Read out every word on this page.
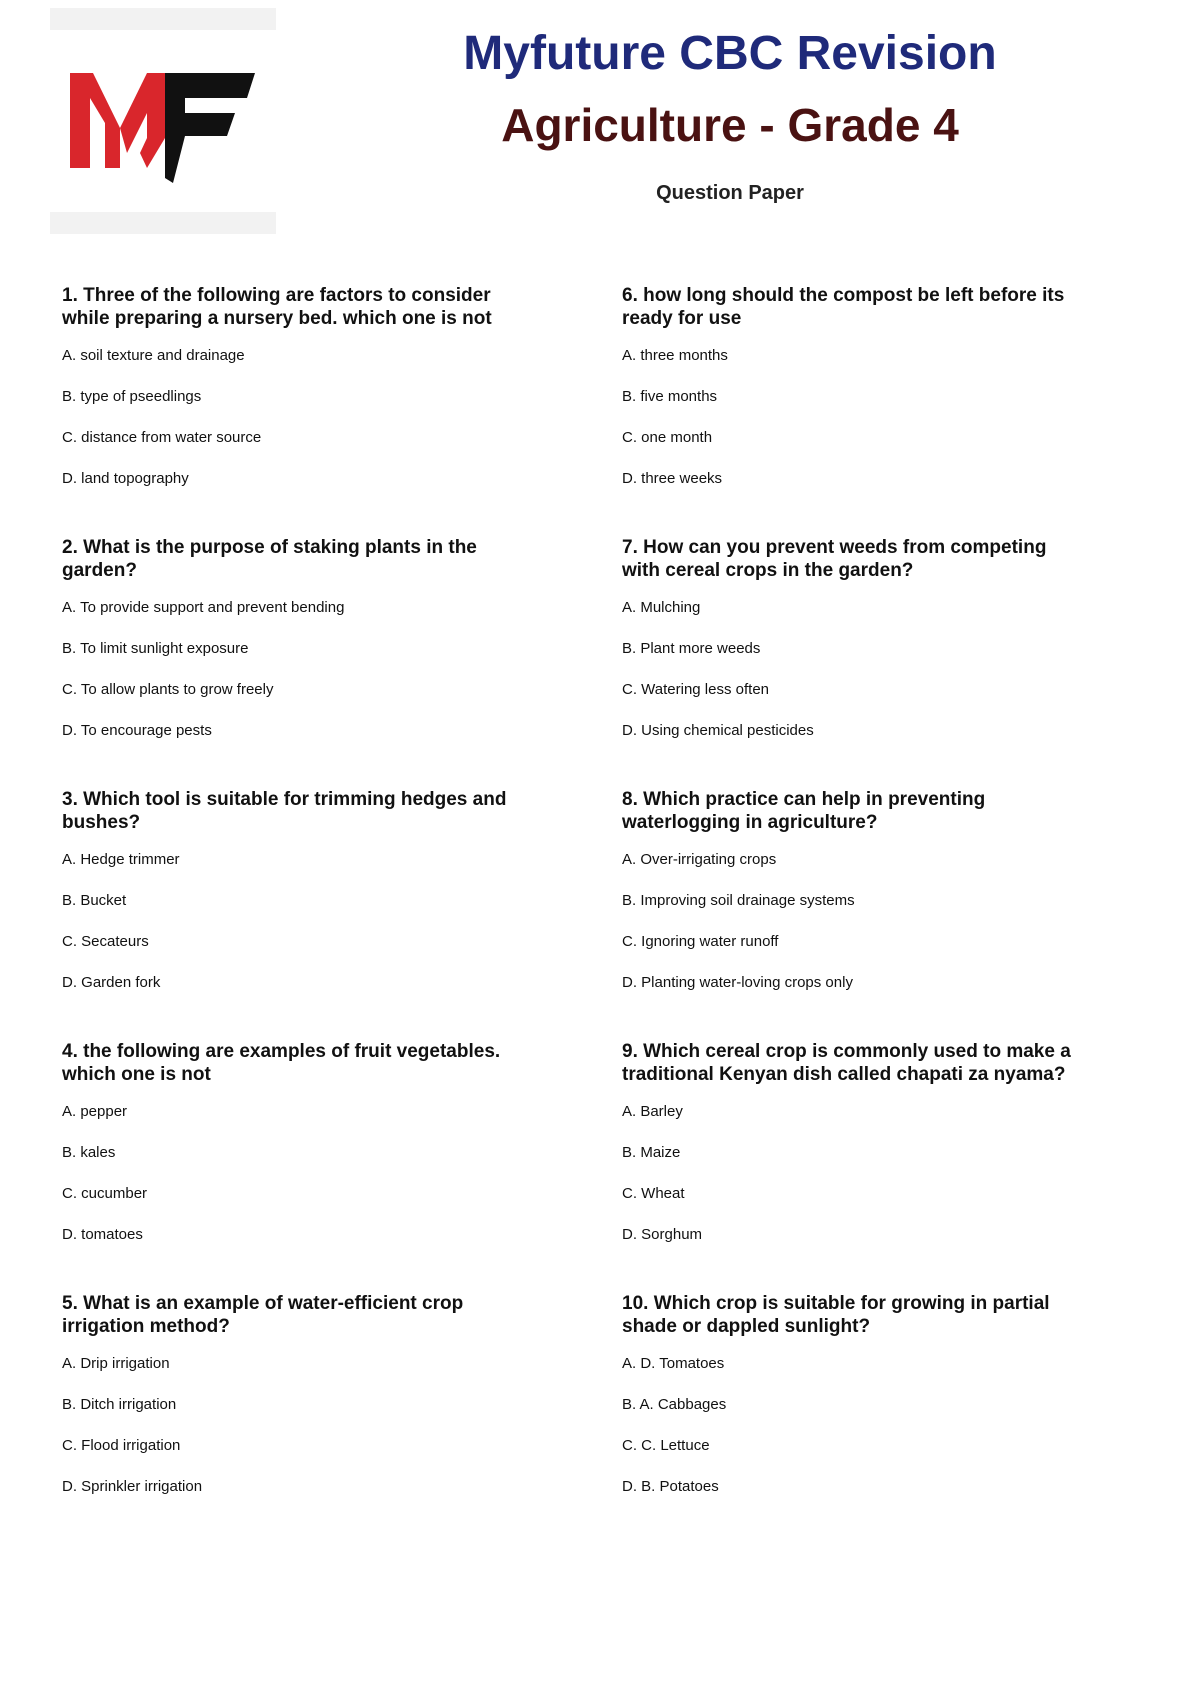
Myfuture CBC Revision
Agriculture - Grade 4
Question Paper

1. Three of the following are factors to consider while preparing a nursery bed. which one is not

A. soil texture and drainage
B. type of pseedlings
C. distance from water source
D. land topography

2. What is the purpose of staking plants in the garden?

A. To provide support and prevent bending
B. To limit sunlight exposure
C. To allow plants to grow freely
D. To encourage pests

3. Which tool is suitable for trimming hedges and bushes?

A. Hedge trimmer
B. Bucket
C. Secateurs
D. Garden fork

4. the following are examples of fruit vegetables. which one is not

A. pepper
B. kales
C. cucumber
D. tomatoes

5. What is an example of water-efficient crop irrigation method?

A. Drip irrigation
B. Ditch irrigation
C. Flood irrigation
D. Sprinkler irrigation

6. how long should the compost be left before its ready for use

A. three months
B. five months
C. one month
D. three weeks

7. How can you prevent weeds from competing with cereal crops in the garden?

A. Mulching
B. Plant more weeds
C. Watering less often
D. Using chemical pesticides

8. Which practice can help in preventing waterlogging in agriculture?

A. Over-irrigating crops
B. Improving soil drainage systems
C. Ignoring water runoff
D. Planting water-loving crops only

9. Which cereal crop is commonly used to make a traditional Kenyan dish called chapati za nyama?

A. Barley
B. Maize
C. Wheat
D. Sorghum

10. Which crop is suitable for growing in partial shade or dappled sunlight?

A. D. Tomatoes
B. A. Cabbages
C. C. Lettuce
D. B. Potatoes
